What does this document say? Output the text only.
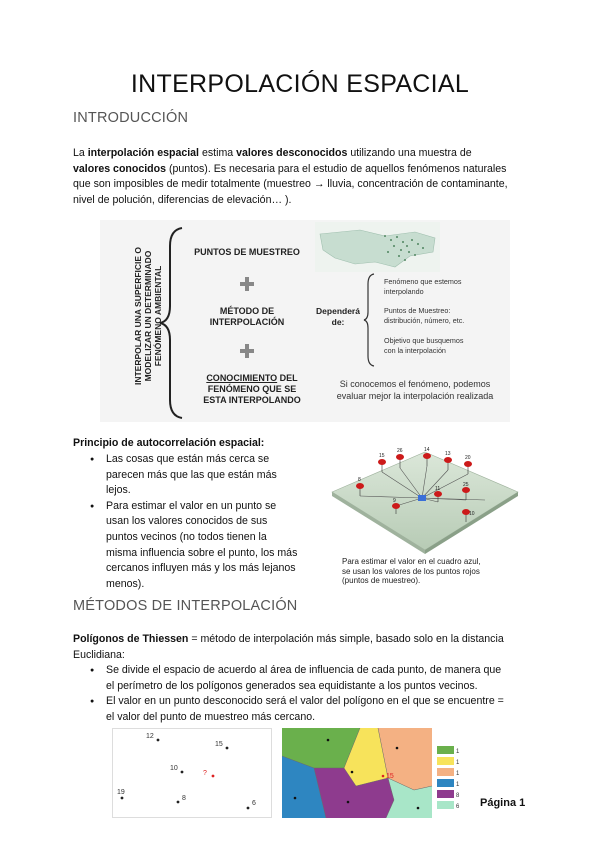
INTERPOLACIÓN ESPACIAL
INTRODUCCIÓN
La interpolación espacial estima valores desconocidos utilizando una muestra de
valores conocidos (puntos). Es necesaria para el estudio de aquellos fenómenos naturales
que son imposibles de medir totalmente (muestreo → lluvia, concentración de contaminante,
nivel de polución, diferencias de elevación… ).
INTERPOLAR UNA SUPERFICIE O MODELIZAR UN DETERMINADO FENÓMENO AMBIENTAL
PUNTOS DE MUESTREO
MÉTODO DE
INTERPOLACIÓN
CONOCIMIENTO DEL
FENÓMENO QUE SE
ESTA INTERPOLANDO
Dependerá
de:
Fenómeno que estemos
interpolando
Puntos de Muestreo:
distribución, número, etc.
Objetivo que busquemos
con la interpolación
Si conocemos el fenómeno, podemos
evaluar mejor la interpolación realizada
Principio de autocorrelación espacial:
● Las cosas que están más cerca se
parecen más que las que están más
lejos.
● Para estimar el valor en un punto se
usan los valores conocidos de sus
puntos vecinos (no todos tienen la
misma influencia sobre el punto, los más
cercanos influyen más y los más lejanos
menos).
15
26	14
13
20
8
11
25
9
10
Para estimar el valor en el cuadro azul,
se usan los valores de los puntos rojos
(puntos de muestreo).
MÉTODOS DE INTERPOLACIÓN
Polígonos de Thiessen = método de interpolación más simple, basado solo en la distancia
Euclidiana:
● Se divide el espacio de acuerdo al área de influencia de cada punto, de manera que
el perímetro de los polígonos generados sea equidistante a los puntos vecinos.
● El valor en un punto desconocido será el valor del polígono en el que se encuentre =
el valor del punto de muestreo más cercano.
12
15
10
?
19
8
6
15
1
1
1
1
8
6 Página 1
